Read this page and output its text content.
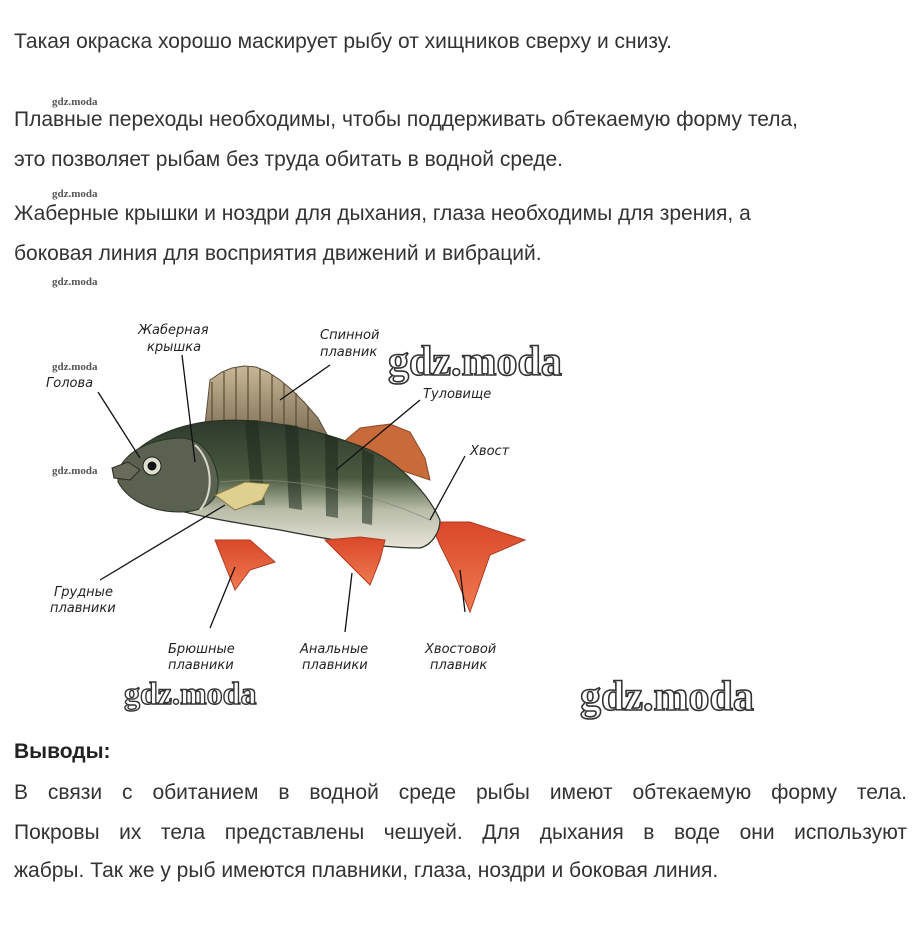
Такая окраска хорошо маскирует рыбу от хищников сверху и снизу.
gdz.moda
Плавные переходы необходимы, чтобы поддерживать обтекаемую форму тела,
это позволяет рыбам без труда обитать в водной среде.
gdz.moda
Жаберные крышки и ноздри для дыхания, глаза необходимы для зрения, а
боковая линия для восприятия движений и вибраций.
gdz.moda
gdz.moda
gdz.moda
Жаберная
крышка
Спинной
плавник
Голова
Туловище
Хвост
Грудные
плавники
Брюшные
плавники
Анальные
плавники
Хвостовой
плавник
gdz.moda
gdz.moda	gdz.moda
Выводы:
В связи с обитанием в водной среде рыбы имеют обтекаемую форму тела.
Покровы их тела представлены чешуей. Для дыхания в воде они используют
жабры. Так же у рыб имеются плавники, глаза, ноздри и боковая линия.
